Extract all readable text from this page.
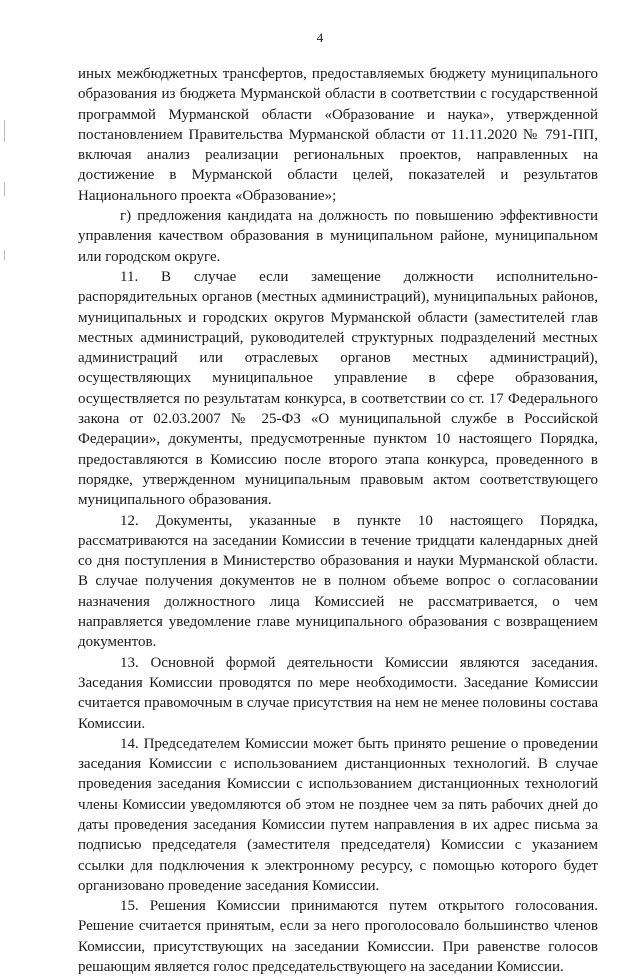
4

иных межбюджетных трансфертов, предоставляемых бюджету муниципального образования из бюджета Мурманской области в соответствии с государственной программой Мурманской области «Образование и наука», утвержденной постановлением Правительства Мурманской области от 11.11.2020 № 791-ПП, включая анализ реализации региональных проектов, направленных на достижение в Мурманской области целей, показателей и результатов Национального проекта «Образование»;

г) предложения кандидата на должность по повышению эффективности управления качеством образования в муниципальном районе, муниципальном или городском округе.

11. В случае если замещение должности исполнительно-распорядительных органов (местных администраций), муниципальных районов, муниципальных и городских округов Мурманской области (заместителей глав местных администраций, руководителей структурных подразделений местных администраций или отраслевых органов местных администраций), осуществляющих муниципальное управление в сфере образования, осуществляется по результатам конкурса, в соответствии со ст. 17 Федерального закона от 02.03.2007 № 25-ФЗ «О муниципальной службе в Российской Федерации», документы, предусмотренные пунктом 10 настоящего Порядка, предоставляются в Комиссию после второго этапа конкурса, проведенного в порядке, утвержденном муниципальным правовым актом соответствующего муниципального образования.

12. Документы, указанные в пункте 10 настоящего Порядка, рассматриваются на заседании Комиссии в течение тридцати календарных дней со дня поступления в Министерство образования и науки Мурманской области. В случае получения документов не в полном объеме вопрос о согласовании назначения должностного лица Комиссией не рассматривается, о чем направляется уведомление главе муниципального образования с возвращением документов.

13. Основной формой деятельности Комиссии являются заседания. Заседания Комиссии проводятся по мере необходимости. Заседание Комиссии считается правомочным в случае присутствия на нем не менее половины состава Комиссии.

14. Председателем Комиссии может быть принято решение о проведении заседания Комиссии с использованием дистанционных технологий. В случае проведения заседания Комиссии с использованием дистанционных технологий члены Комиссии уведомляются об этом не позднее чем за пять рабочих дней до даты проведения заседания Комиссии путем направления в их адрес письма за подписью председателя (заместителя председателя) Комиссии с указанием ссылки для подключения к электронному ресурсу, с помощью которого будет организовано проведение заседания Комиссии.

15. Решения Комиссии принимаются путем открытого голосования. Решение считается принятым, если за него проголосовало большинство членов Комиссии, присутствующих на заседании Комиссии. При равенстве голосов решающим является голос председательствующего на заседании Комиссии.
